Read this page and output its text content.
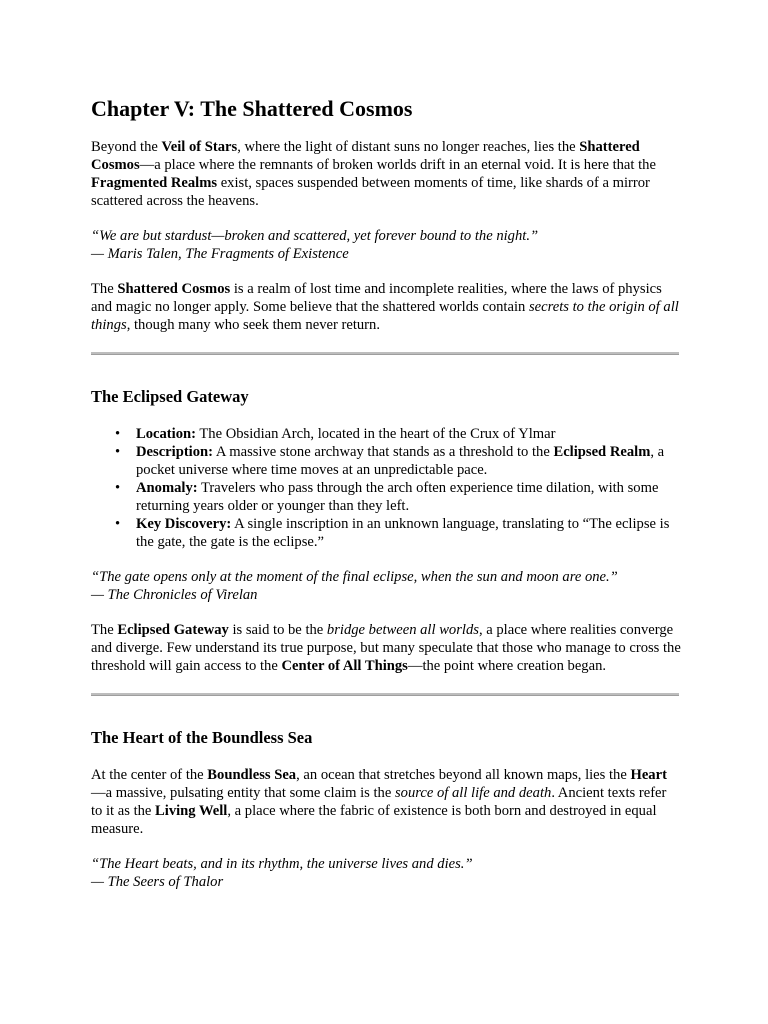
Chapter V: The Shattered Cosmos

Beyond the Veil of Stars, where the light of distant suns no longer reaches, lies the Shattered Cosmos—a place where the remnants of broken worlds drift in an eternal void. It is here that the Fragmented Realms exist, spaces suspended between moments of time, like shards of a mirror scattered across the heavens.

“We are but stardust—broken and scattered, yet forever bound to the night.”
— Maris Talen, The Fragments of Existence

The Shattered Cosmos is a realm of lost time and incomplete realities, where the laws of physics and magic no longer apply. Some believe that the shattered worlds contain secrets to the origin of all things, though many who seek them never return.

The Eclipsed Gateway
• Location: The Obsidian Arch, located in the heart of the Crux of Ylmar
• Description: A massive stone archway that stands as a threshold to the Eclipsed Realm, a pocket universe where time moves at an unpredictable pace.
• Anomaly: Travelers who pass through the arch often experience time dilation, with some returning years older or younger than they left.
• Key Discovery: A single inscription in an unknown language, translating to “The eclipse is the gate, the gate is the eclipse.”

“The gate opens only at the moment of the final eclipse, when the sun and moon are one.”
— The Chronicles of Virelan

The Eclipsed Gateway is said to be the bridge between all worlds, a place where realities converge and diverge. Few understand its true purpose, but many speculate that those who manage to cross the threshold will gain access to the Center of All Things—the point where creation began.

The Heart of the Boundless Sea

At the center of the Boundless Sea, an ocean that stretches beyond all known maps, lies the Heart—a massive, pulsating entity that some claim is the source of all life and death. Ancient texts refer to it as the Living Well, a place where the fabric of existence is both born and destroyed in equal measure.

“The Heart beats, and in its rhythm, the universe lives and dies.”
— The Seers of Thalor
